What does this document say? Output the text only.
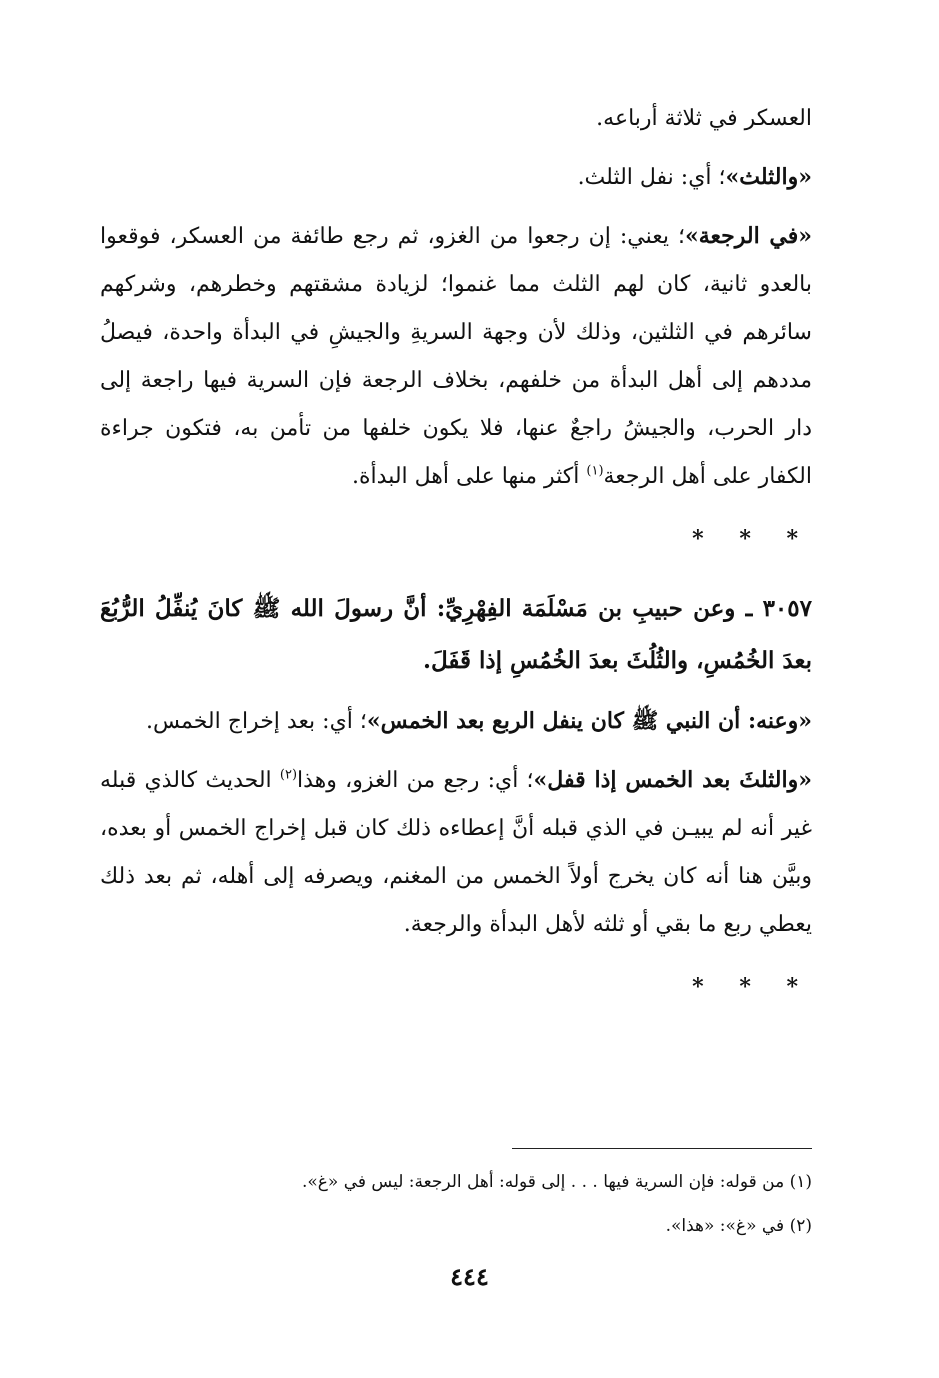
العسكر في ثلاثة أرباعه.

«والثلث»؛ أي: نفل الثلث.

«في الرجعة»؛ يعني: إن رجعوا من الغزو، ثم رجع طائفة من العسكر، فوقعوا بالعدو ثانية، كان لهم الثلث مما غنموا؛ لزيادة مشقتهم وخطرهم، وشركهم سائرهم في الثلثين، وذلك لأن وجهة السريةِ والجيشِ في البدأة واحدة، فيصلُ مددهم إلى أهل البدأة من خلفهم، بخلاف الرجعة فإن السرية فيها راجعة إلى دار الحرب، والجيشُ راجعٌ عنها، فلا يكون خلفها من تأمن به، فتكون جراءة الكفار على أهل الرجعة$^{(١)}$ أكثر منها على أهل البدأة.

* * *

٣٠٥٧ ـ وعن حبيبِ بن مَسْلَمَة الفِهْرِيِّ: أنَّ رسولَ الله ﷺ كانَ يُنفِّلُ الرُّبُعَ بعدَ الخُمُسِ، والثُلُثَ بعدَ الخُمُسِ إذا قَفَلَ.

«وعنه: أن النبي ﷺ كان ينفل الربع بعد الخمس»؛ أي: بعد إخراج الخمس.

«والثلثَ بعد الخمس إذا قفل»؛ أي: رجع من الغزو، وهذا$^{(٢)}$ الحديث كالذي قبله غير أنه لم يبيـن في الذي قبله أنَّ إعطاءه ذلك كان قبل إخراج الخمس أو بعده، وبيَّن هنا أنه كان يخرج أولاً الخمس من المغنم، ويصرفه إلى أهله، ثم بعد ذلك يعطي ربع ما بقي أو ثلثه لأهل البدأة والرجعة.

* * *

(١) من قوله: فإن السرية فيها . . . إلى قوله: أهل الرجعة: ليس في «غ».

(٢) في «غ»: «هذا».

٤٤٤
